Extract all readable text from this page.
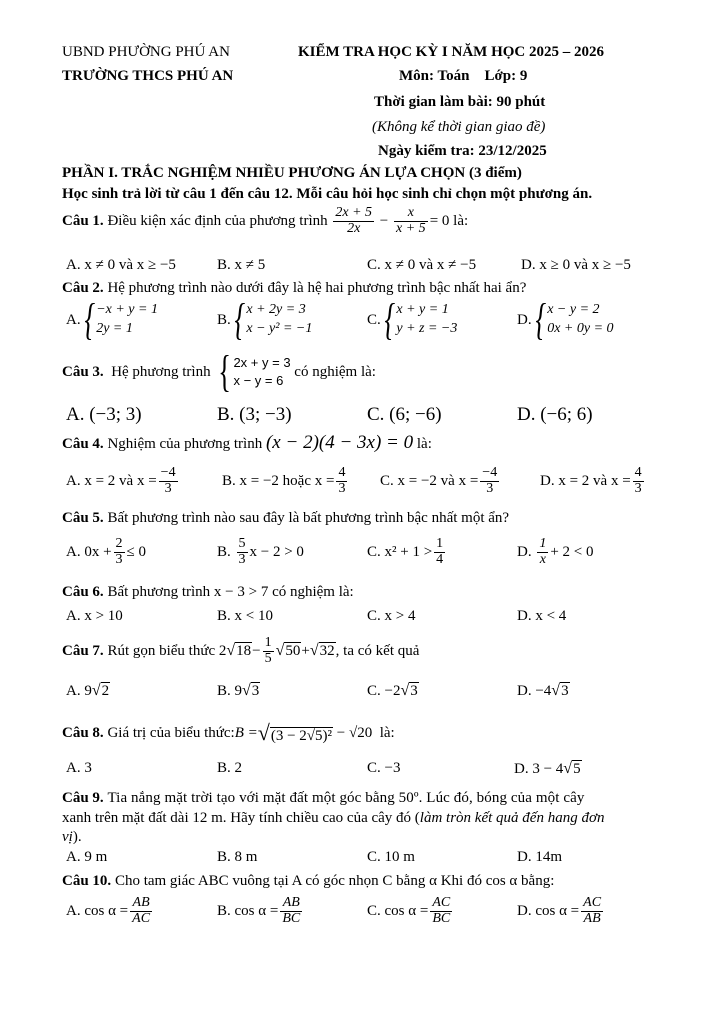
UBND PHƯỜNG PHÚ AN
TRƯỜNG THCS PHÚ AN
KIỂM TRA HỌC KỲ I NĂM HỌC 2025 – 2026
Môn: Toán    Lớp: 9
Thời gian làm bài: 90 phút
(Không kể thời gian giao đề)
Ngày kiểm tra: 23/12/2025
PHẦN I. TRẮC NGHIỆM NHIỀU PHƯƠNG ÁN LỰA CHỌN (3 điểm)
Học sinh trả lời từ câu 1 đến câu 12. Mỗi câu hỏi học sinh chỉ chọn một phương án.
Câu 1.
Điều kiện xác định của phương trình
$\frac{2x + 5}{2x} - \frac{x}{x + 5} = 0$
là:
A. x ≠ 0 và x ≥ −5	B. x ≠ 5	C. x ≠ 0 và x ≠ −5	D. x ≥ 0 và x ≥ −5
Câu 2. Hệ phương trình nào dưới đây là hệ hai phương trình bậc nhất hai ẩn?
A. { −x + y = 1
2y = 1
B. { x + 2y = 3
x − y² = −1
C. { x + y = 1
y + z = −3
D. { x − y = 2
0x + 0y = 0
Câu 3.
Hệ phương trình
{ 2x + y = 3
x − y = 6

có nghiệm là:
A. (−3; 3)	B. (3; −3)	C. (6; −6)	D. (−6; 6)
Câu 4. Nghiệm của phương trình (x − 2)(4 − 3x) = 0 là:
A. x = 2 và $x = \frac{-4}{3}$	B. x = −2 hoặc $x = \frac{4}{3} C$. x = −2 và $x = \frac{-4}{3}$	D. x = 2 và $x = \frac{4}{3}$
Câu 5. Bất phương trình nào sau đây là bất phương trình bậc nhất một ẩn?
A. $0x + \frac{2}{3} \le 0$	B.
$\frac{5}{3}$ x − 2 > 0	C. $x^2 + 1 > \frac{1}{4}$	D.
$\frac{1}{x} + 2 < 0$
Câu 6. Bất phương trình x − 3 > 7 có nghiệm là:
A. x > 10	B. x < 10	C. x > 4	D. x < 4
Câu 7.
Rút gọn biểu thức
2 $√18 - \frac{1}{5} √50 + √32$ , ta có kết quả
A. 9√2	B. 9√3	C. −2√3	D. −4√3
Câu 8.
Giá trị của biểu thức: B = √(3 − 2√5)²
− √20
là:
A. 3	B. 2	C. −3	D. 3 − 4√5
Câu 9. Tia nắng mặt trời tạo với mặt đất một góc bằng 50º. Lúc đó, bóng của một cây
xanh trên mặt đất dài 12 m. Hãy tính chiều cao của cây đó (làm tròn kết quả đến hang đơn
vị).
A. 9 m	B. 8 m	C. 10 m	D. 14m
Câu 10. Cho tam giác ABC vuông tại A có góc nhọn C bằng α Khi đó cos α bằng:
A. $\cos \alpha = \frac{AB}{AC}$	B. $\cos \alpha = \frac{AB}{BC}$	C. $\cos \alpha = \frac{AC}{BC}$	D. $\cos \alpha = \frac{AC}{AB}$
